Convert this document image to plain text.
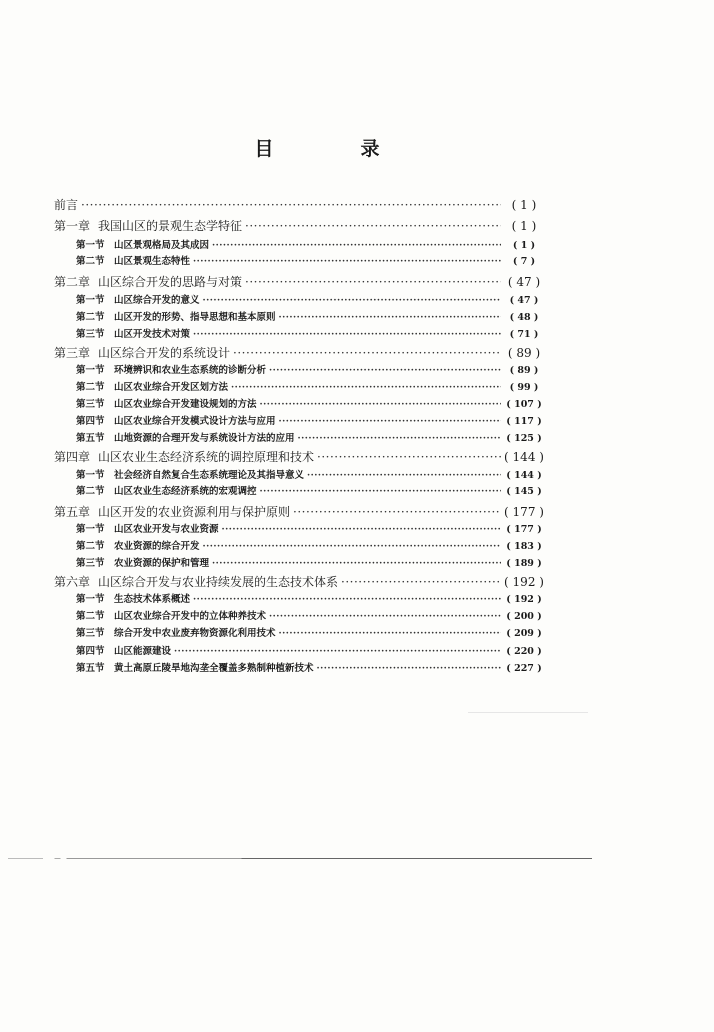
目　录
前言 ·····	( 1 )
第一章 我国山区的景观生态学特征 ·····	( 1 )
第一节 山区景观格局及其成因 ·····	( 1 )
第二节 山区景观生态特性 ·····	( 7 )
第二章 山区综合开发的思路与对策 ·····	( 47 )
第一节 山区综合开发的意义 ·····	( 47 )
第二节 山区开发的形势、指导思想和基本原则 ·····	( 48 )
第三节 山区开发技术对策 ·····	( 71 )
第三章 山区综合开发的系统设计 ·····	( 89 )
第一节 环境辨识和农业生态系统的诊断分析 ·····	( 89 )
第二节 山区农业综合开发区划方法 ·····	( 99 )
第三节 山区农业综合开发建设规划的方法 ·····	( 107 )
第四节 山区农业综合开发模式设计方法与应用 ·····	( 117 )
第五节 山地资源的合理开发与系统设计方法的应用 ·····	( 125 )
第四章 山区农业生态经济系统的调控原理和技术 ·····	( 144 )
第一节 社会经济自然复合生态系统理论及其指导意义 ·····	( 144 )
第二节 山区农业生态经济系统的宏观调控 ·····	( 145 )
第五章 山区开发的农业资源利用与保护原则 ·····	( 177 )
第一节 山区农业开发与农业资源 ·····	( 177 )
第二节 农业资源的综合开发 ·····	( 183 )
第三节 农业资源的保护和管理 ·····	( 189 )
第六章 山区综合开发与农业持续发展的生态技术体系 ·····	( 192 )
第一节 生态技术体系概述 ·····	( 192 )
第二节 山区农业综合开发中的立体种养技术 ·····	( 200 )
第三节 综合开发中农业废弃物资源化利用技术 ·····	( 209 )
第四节 山区能源建设 ·····	( 220 )
第五节 黄土高原丘陵旱地沟垄全覆盖多熟制种植新技术 ·····	( 227 )
